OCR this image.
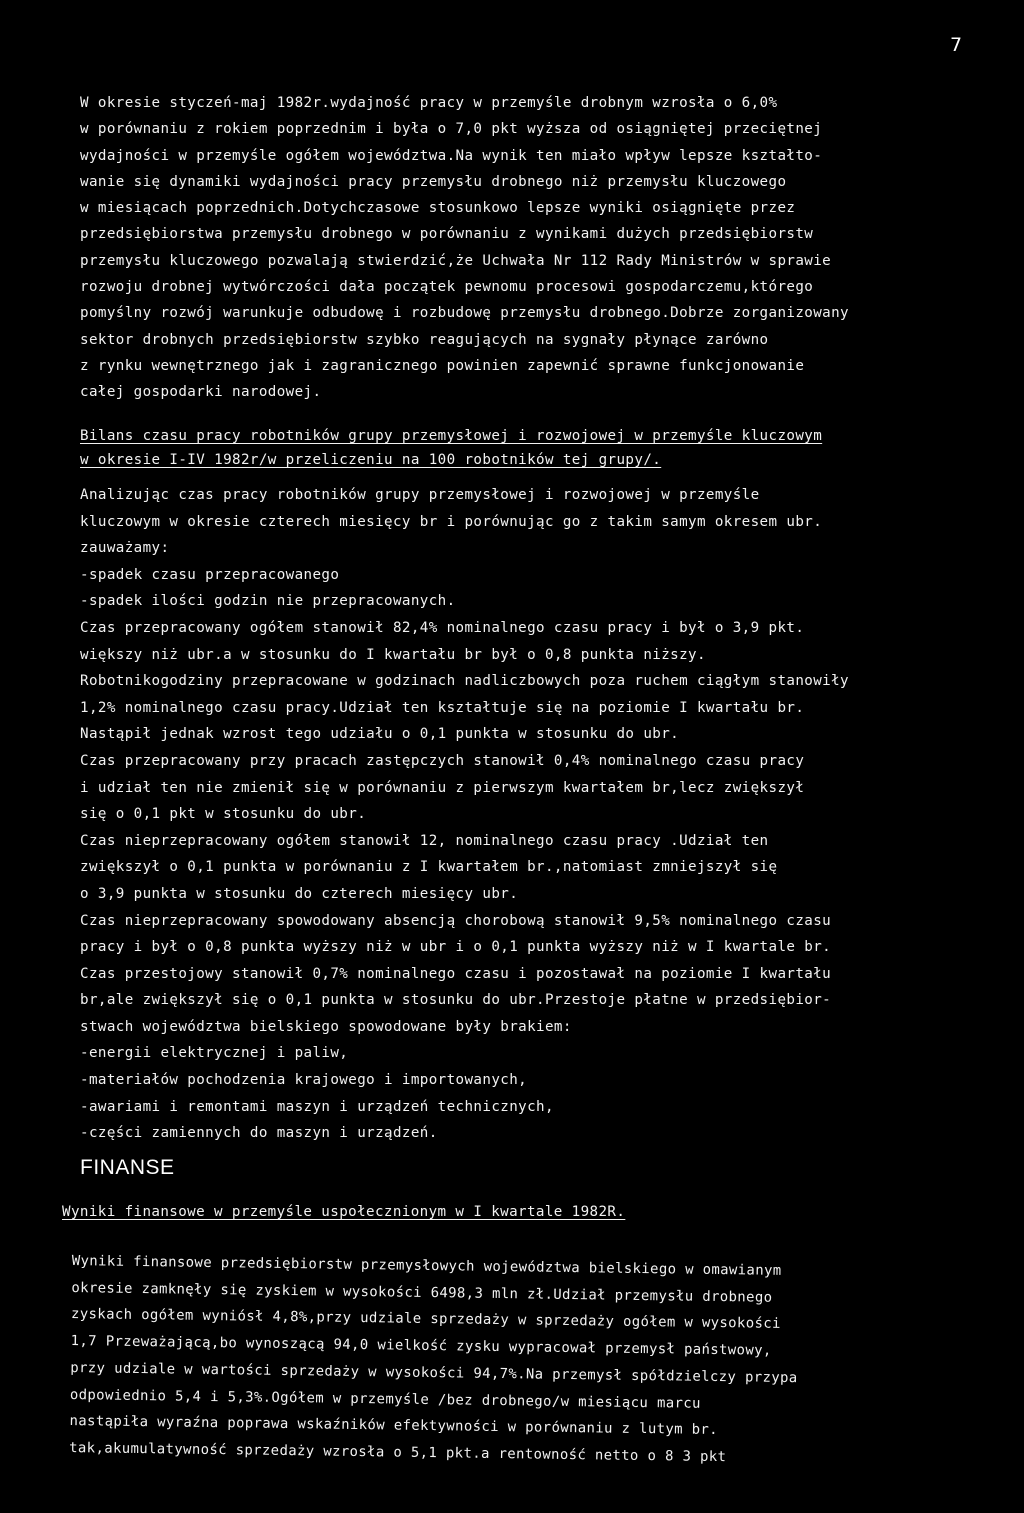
7
W okresie styczeń-maj 1982r.wydajność pracy w przemyśle drobnym wzrosła o 6,0%
w porównaniu z rokiem poprzednim i była o 7,0 pkt wyższa od osiągniętej przeciętnej
wydajności w przemyśle ogółem województwa.Na wynik ten miało wpływ lepsze kształto-
wanie się dynamiki wydajności pracy przemysłu drobnego niż przemysłu kluczowego
w miesiącach poprzednich.Dotychczasowe stosunkowo lepsze wyniki osiągnięte przez
przedsiębiorstwa przemysłu drobnego w porównaniu z wynikami dużych przedsiębiorstw
przemysłu kluczowego pozwalają stwierdzić,że Uchwała Nr 112 Rady Ministrów w sprawie
rozwoju drobnej wytwórczości dała początek pewnomu procesowi gospodarczemu,którego
pomyślny rozwój warunkuje odbudowę i rozbudowę przemysłu drobnego.Dobrze zorganizowany
sektor drobnych przedsiębiorstw szybko reagujących na sygnały płynące zarówno
z rynku wewnętrznego jak i zagranicznego powinien zapewnić sprawne funkcjonowanie
całej gospodarki narodowej.
Bilans czasu pracy robotników grupy przemysłowej i rozwojowej w przemyśle kluczowym
w okresie I-IV 1982r/w przeliczeniu na 100 robotników tej grupy/.
Analizując czas pracy robotników grupy przemysłowej i rozwojowej w przemyśle
kluczowym w okresie czterech miesięcy br i porównując go z takim samym okresem ubr.
zauważamy:
-spadek czasu przepracowanego
-spadek ilości godzin nie przepracowanych.
Czas przepracowany ogółem stanowił 82,4% nominalnego czasu pracy i był o 3,9 pkt.
większy niż ubr.a w stosunku do I kwartału br był o 0,8 punkta niższy.
Robotnikogodziny przepracowane w godzinach nadliczbowych poza ruchem ciągłym stanowiły
1,2% nominalnego czasu pracy.Udział ten kształtuje się na poziomie I kwartału br.
Nastąpił jednak wzrost tego udziału o 0,1 punkta w stosunku do ubr.
Czas przepracowany przy pracach zastępczych stanowił 0,4% nominalnego czasu pracy
i udział ten nie zmienił się w porównaniu z pierwszym kwartałem br,lecz zwiększył
się o 0,1 pkt w stosunku do ubr.
Czas nieprzepracowany ogółem stanowił 12, nominalnego czasu pracy .Udział ten
zwiększył o 0,1 punkta w porównaniu z I kwartałem br.,natomiast zmniejszył się
o 3,9 punkta w stosunku do czterech miesięcy ubr.
Czas nieprzepracowany spowodowany absencją chorobową stanowił 9,5% nominalnego czasu
pracy i był o 0,8 punkta wyższy niż w ubr i o 0,1 punkta wyższy niż w I kwartale br.
Czas przestojowy stanowił 0,7% nominalnego czasu i pozostawał na poziomie I kwartału
br,ale zwiększył się o 0,1 punkta w stosunku do ubr.Przestoje płatne w przedsiębior-
stwach województwa bielskiego spowodowane były brakiem:
-energii elektrycznej i paliw,
-materiałów pochodzenia krajowego i importowanych,
-awariami i remontami maszyn i urządzeń technicznych,
-części zamiennych do maszyn i urządzeń.
FINANSE
Wyniki finansowe w przemyśle uspołecznionym w I kwartale 1982R.
Wyniki finansowe przedsiębiorstw przemysłowych województwa bielskiego w omawianym
okresie zamknęły się zyskiem w wysokości 6498,3 mln zł.Udział przemysłu drobnego
zyskach ogółem wyniósł 4,8%,przy udziale sprzedaży w sprzedaży ogółem w wysokości
1,7 Przeważającą,bo wynoszącą 94,0 wielkość zysku wypracował przemysł państwowy,
przy udziale w wartości sprzedaży w wysokości 94,7%.Na przemysł spółdzielczy przypa
odpowiednio 5,4 i 5,3%.Ogółem w przemyśle /bez drobnego/w miesiącu marcu
nastąpiła wyraźna poprawa wskaźników efektywności w porównaniu z lutym br.
tak,akumulatywność sprzedaży wzrosła o 5,1 pkt.a rentowność netto o 8 3 pkt
